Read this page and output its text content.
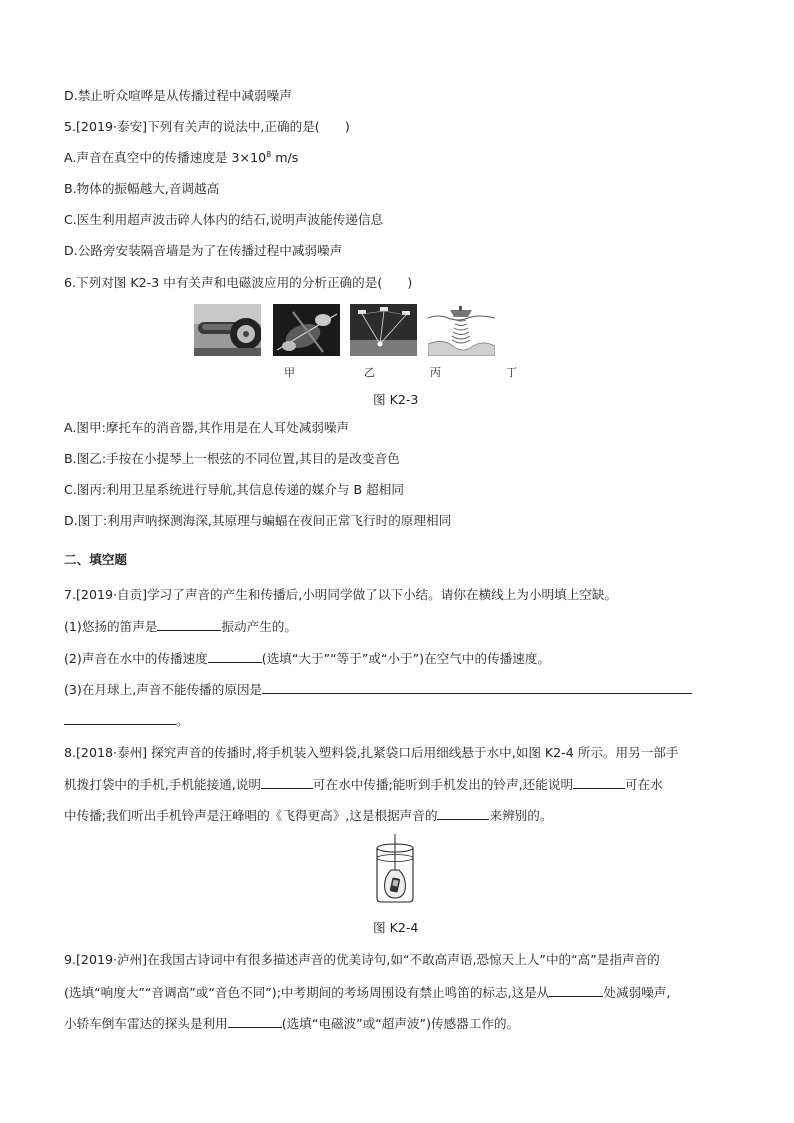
D.禁止听众喧哗是从传播过程中减弱噪声
5.[2019·泰安]下列有关声的说法中,正确的是(　　)
A.声音在真空中的传播速度是 $3\times 10^8$ m/s
B.物体的振幅越大,音调越高
C.医生利用超声波击碎人体内的结石,说明声波能传递信息
D.公路旁安装隔音墙是为了在传播过程中减弱噪声
6.下列对图 K2-3 中有关声和电磁波应用的分析正确的是(　　)
甲	乙	丙	丁
图 K2-3
A.图甲:摩托车的消音器,其作用是在人耳处减弱噪声
B.图乙:手按在小提琴上一根弦的不同位置,其目的是改变音色
C.图丙:利用卫星系统进行导航,其信息传递的媒介与 B 超相同
D.图丁:利用声呐探测海深,其原理与蝙蝠在夜间正常飞行时的原理相同
二、填空题
7.[2019·自贡]学习了声音的产生和传播后,小明同学做了以下小结。请你在横线上为小明填上空缺。
(1)悠扬的笛声是	振动产生的。
(2)声音在水中的传播速度	(选填“大于”“等于”或“小于”)在空气中的传播速度。
(3)在月球上,声音不能传播的原因是
。
8.[2018·泰州] 探究声音的传播时,将手机装入塑料袋,扎紧袋口后用细线悬于水中,如图 K2-4 所示。用另一部手
机拨打袋中的手机,手机能接通,说明	可在水中传播;能听到手机发出的铃声,还能说明	可在水
中传播;我们听出手机铃声是汪峰唱的《飞得更高》,这是根据声音的	来辨别的。
图 K2-4
9.[2019·泸州]在我国古诗词中有很多描述声音的优美诗句,如“不敢高声语,恐惊天上人”中的“高”是指声音的
(选填“响度大”“音调高”或“音色不同”);中考期间的考场周围设有禁止鸣笛的标志,这是从	处减弱噪声,
小轿车倒车雷达的探头是利用	(选填“电磁波”或“超声波”)传感器工作的。
